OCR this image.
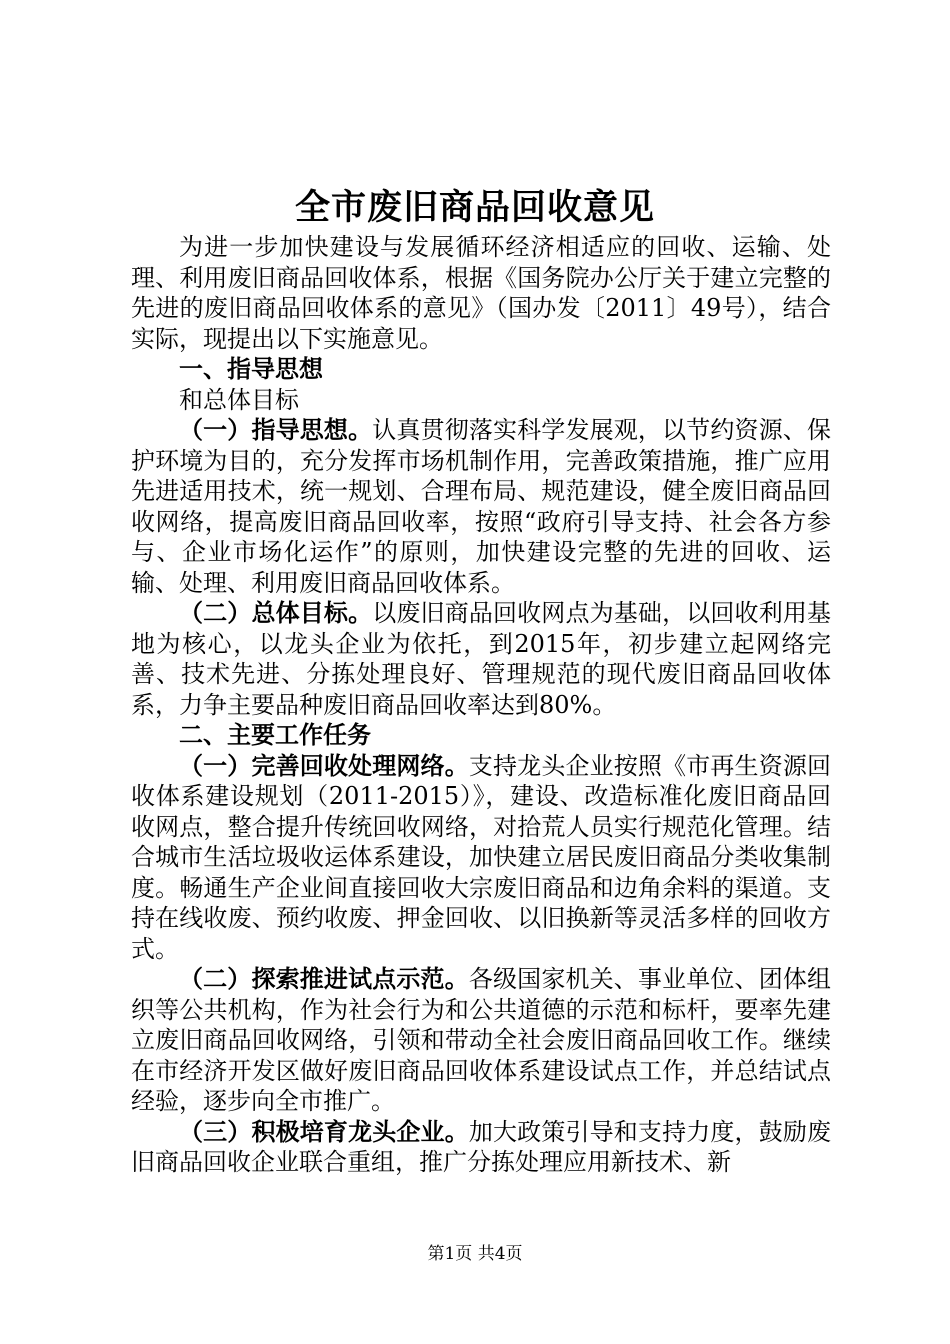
全市废旧商品回收意见

为进一步加快建设与发展循环经济相适应的回收、运输、处理、利用废旧商品回收体系，根据《国务院办公厅关于建立完整的先进的废旧商品回收体系的意见》（国办发〔2011〕49号），结合实际，现提出以下实施意见。

一、指导思想

和总体目标

（一）指导思想。认真贯彻落实科学发展观，以节约资源、保护环境为目的，充分发挥市场机制作用，完善政策措施，推广应用先进适用技术，统一规划、合理布局、规范建设，健全废旧商品回收网络，提高废旧商品回收率，按照“政府引导支持、社会各方参与、企业市场化运作”的原则，加快建设完整的先进的回收、运输、处理、利用废旧商品回收体系。

（二）总体目标。以废旧商品回收网点为基础，以回收利用基地为核心，以龙头企业为依托，到2015年，初步建立起网络完善、技术先进、分拣处理良好、管理规范的现代废旧商品回收体系，力争主要品种废旧商品回收率达到80%。

二、主要工作任务

（一）完善回收处理网络。支持龙头企业按照《市再生资源回收体系建设规划（2011-2015）》，建设、改造标准化废旧商品回收网点，整合提升传统回收网络，对拾荒人员实行规范化管理。结合城市生活垃圾收运体系建设，加快建立居民废旧商品分类收集制度。畅通生产企业间直接回收大宗废旧商品和边角余料的渠道。支持在线收废、预约收废、押金回收、以旧换新等灵活多样的回收方式。

（二）探索推进试点示范。各级国家机关、事业单位、团体组织等公共机构，作为社会行为和公共道德的示范和标杆，要率先建立废旧商品回收网络，引领和带动全社会废旧商品回收工作。继续在市经济开发区做好废旧商品回收体系建设试点工作，并总结试点经验，逐步向全市推广。

（三）积极培育龙头企业。加大政策引导和支持力度，鼓励废旧商品回收企业联合重组，推广分拣处理应用新技术、新

第1页 共4页
